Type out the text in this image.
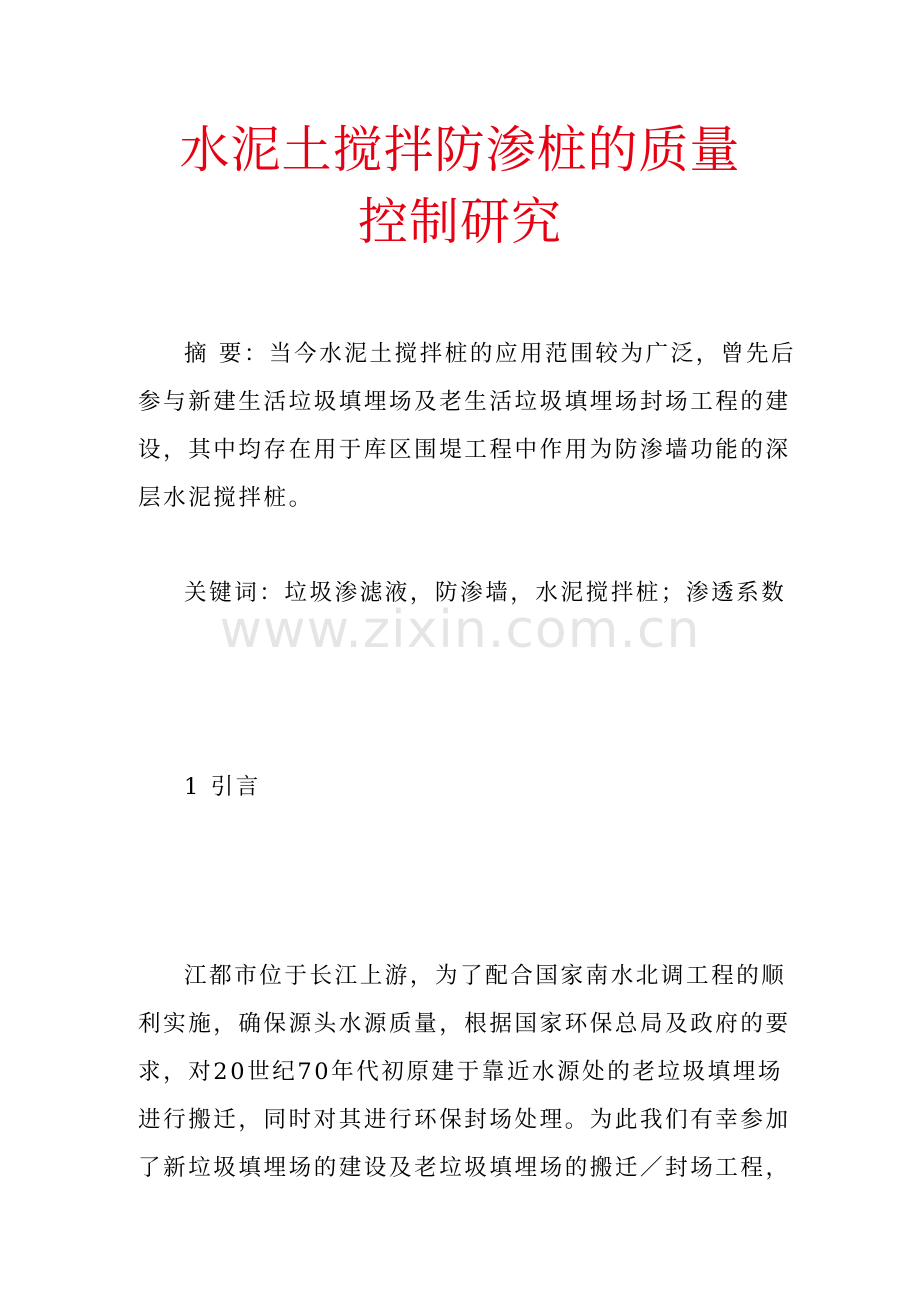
水泥土搅拌防渗桩的质量
控制研究
摘 要：当今水泥土搅拌桩的应用范围较为广泛，曾先后
参与新建生活垃圾填埋场及老生活垃圾填埋场封场工程的建
设，其中均存在用于库区围堤工程中作用为防渗墙功能的深
层水泥搅拌桩。
关键词：垃圾渗滤液，防渗墙，水泥搅拌桩；渗透系数
www.zixin.com.cn
1 引言
江都市位于长江上游，为了配合国家南水北调工程的顺
利实施，确保源头水源质量，根据国家环保总局及政府的要
求，对20世纪70年代初原建于靠近水源处的老垃圾填埋场
进行搬迁，同时对其进行环保封场处理。为此我们有幸参加
了新垃圾填埋场的建设及老垃圾填埋场的搬迁／封场工程，
